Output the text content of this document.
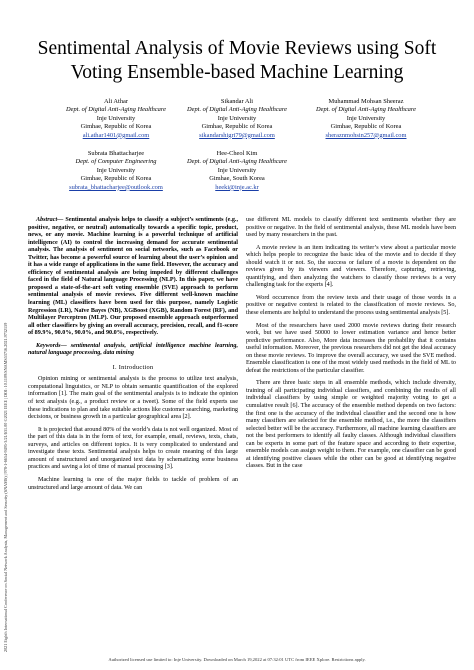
2021 Eighth International Conference on Social Network Analysis, Management and Security (SNAMS) | 978-1-6654-9495-3/21/$31.00 ©2021 IEEE | DOI: 10.1109/SNAMS53716.2021.9732159
Sentimental Analysis of Movie Reviews using Soft Voting Ensemble-based Machine Learning
Ali Athar
Dept. of Digital Anti-Aging Healthcare
Inje University
Gimhae, Republic of Korea
ali.athar1401@gmail.com
Sikandar Ali
Dept. of Digital Anti-Aging Healthcare
Inje University
Gimhae, Republic of Korea
sikandarshigri79@gmail.com
Muhammad Mohsan Sheeraz
Dept. of Digital Anti-Aging Healthcare
Inje University
Gimhae, Republic of Korea
sheraznmohsin257@gmail.com
Subrata Bhattacharjee
Dept. of Computer Engineering
Inje University
Gimhae, Republic of Korea
subrata_bhattacharjee@outlook.com
Hee-Cheol Kim
Dept. of Digital Anti-Aging Healthcare
Inje University
Gimhae, South Korea
heeki@inje.ac.kr

Abstract— Sentimental analysis helps to classify a subject’s sentiments (e.g., positive, negative, or neutral) automatically towards a specific topic, product, news, or any movie. Machine learning is a powerful technique of artificial intelligence (AI) to control the increasing demand for accurate sentimental analysis. The analysis of sentiment on social networks, such as Facebook or Twitter, has become a powerful source of learning about the user’s opinion and it has a wide range of applications in the same field. However, the accuracy and efficiency of sentimental analysis are being impeded by different challenges faced in the field of Natural language Processing (NLP). In this paper, we have proposed a state-of-the-art soft voting ensemble (SVE) approach to perform sentimental analysis of movie reviews. Five different well-known machine learning (ML) classifiers have been used for this purpose, namely Logistic Regression (LR), Naïve Bayes (NB), XGBoost (XGB), Random Forest (RF), and Multilayer Perceptron (MLP). Our proposed ensemble approach outperformed all other classifiers by giving an overall accuracy, precision, recall, and f1-score of 89.9%, 90.0%, 90.0%, and 90.0%, respectively.

Keywords— sentimental analysis, artificial intelligence machine learning, natural language processing, data mining

I. Introduction

Opinion mining or sentimental analysis is the process to utilize text analysis, computational linguistics, or NLP to obtain semantic quantification of the explored information [1]. The main goal of the sentimental analysis is to indicate the opinion of text analysis (e.g., a product review or a tweet). Some of the field experts use these indications to plan and take suitable actions like customer searching, marketing decisions, or business growth in a particular geographical area [2].

It is projected that around 80% of the world’s data is not well organized. Most of the part of this data is in the form of text, for example, email, reviews, texts, chats, surveys, and articles on different topics. It is very complicated to understand and investigate these texts. Sentimental analysis helps to create meaning of this large amount of unstructured and unorganized text data by schematizing some business practices and saving a lot of time of manual processing [3].

Machine learning is one of the major fields to tackle of problem of an unstructured and large amount of data. We can

use different ML models to classify different text sentiments whether they are positive or negative. In the field of sentimental analysis, these ML models have been used by many researchers in the past.

A movie review is an item indicating its writer’s view about a particular movie which helps people to recognize the basic idea of the movie and to decide if they should watch it or not. So, the success or failure of a movie is dependent on the reviews given by its viewers and viewers. Therefore, capturing, retrieving, quantifying, and then analyzing the watchers to classify those reviews is a very challenging task for the experts [4].

Word occurrence from the review texts and their usage of those words in a positive or negative context is related to the classification of movie reviews. So, these elements are helpful to understand the process using sentimental analysis [5].

Most of the researchers have used 2000 movie reviews during their research work, but we have used 50000 to lower estimation variance and hence better predictive performance. Also, More data increases the probability that it contains useful information. Moreover, the previous researchers did not get the ideal accuracy on these movie reviews. To improve the overall accuracy, we used the SVE method. Ensemble classification is one of the most widely used methods in the field of ML to defeat the restrictions of the particular classifier.

There are three basic steps in all ensemble methods, which include diversity, training of all participating individual classifiers, and combining the results of all individual classifiers by using simple or weighted majority voting to get a cumulative result [6]. The accuracy of the ensemble method depends on two factors: the first one is the accuracy of the individual classifier and the second one is how many classifiers are selected for the ensemble method, i.e., the more the classifiers selected better will be the accuracy. Furthermore, all machine learning classifiers are not the best performers to identify all faulty classes. Although individual classifiers can be experts in some part of the feature space and according to their expertise, ensemble models can assign weight to them. For example, one classifier can be good at identifying positive classes while the other can be good at identifying negative classes. But in the case

Authorized licensed use limited to: Inje University. Downloaded on March 19,2022 at 07:32:01 UTC from IEEE Xplore. Restrictions apply.
